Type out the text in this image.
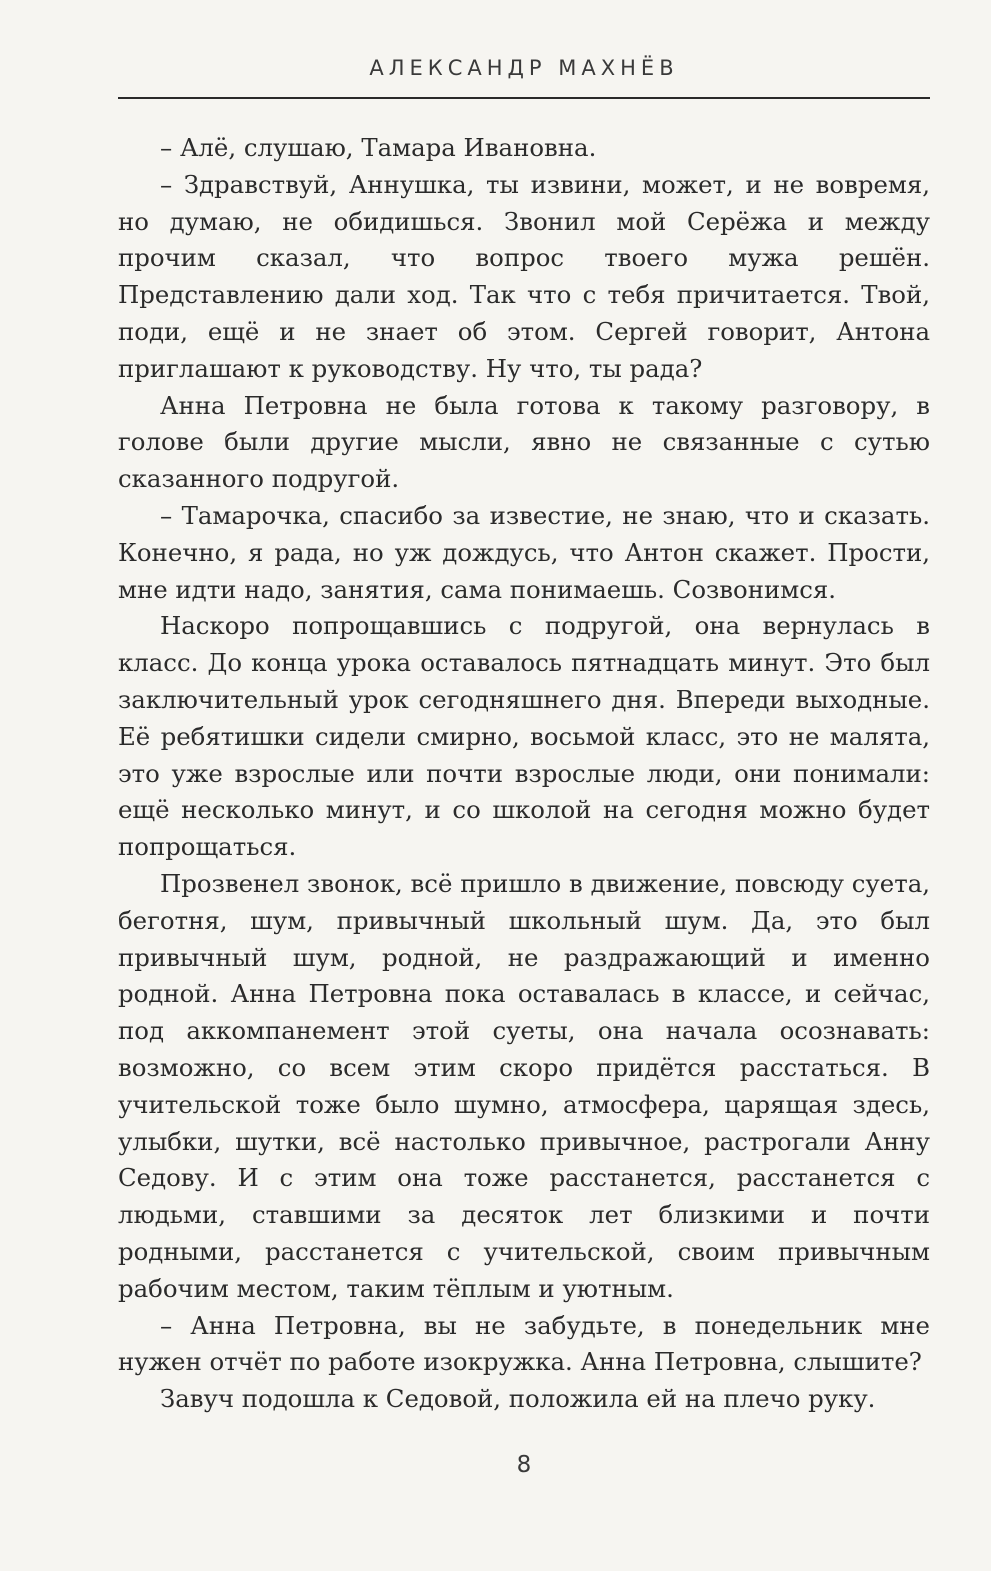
АЛЕКСАНДР МАХНЁВ

– Алё, слушаю, Тамара Ивановна.

– Здравствуй, Аннушка, ты извини, может, и не вовремя, но думаю, не обидишься. Звонил мой Серёжа и между прочим сказал, что вопрос твоего мужа решён. Представлению дали ход. Так что с тебя причитается. Твой, поди, ещё и не знает об этом. Сергей говорит, Антона приглашают к руководству. Ну что, ты рада?

Анна Петровна не была готова к такому разговору, в голове были другие мысли, явно не связанные с сутью сказанного подругой.

– Тамарочка, спасибо за известие, не знаю, что и сказать. Конечно, я рада, но уж дождусь, что Антон скажет. Прости, мне идти надо, занятия, сама понимаешь. Созвонимся.

Наскоро попрощавшись с подругой, она вернулась в класс. До конца урока оставалось пятнадцать минут. Это был заключительный урок сегодняшнего дня. Впереди выходные. Её ребятишки сидели смирно, восьмой класс, это не малята, это уже взрослые или почти взрослые люди, они понимали: ещё несколько минут, и со школой на сегодня можно будет попрощаться.

Прозвенел звонок, всё пришло в движение, повсюду суета, беготня, шум, привычный школьный шум. Да, это был привычный шум, родной, не раздражающий и именно родной. Анна Петровна пока оставалась в классе, и сейчас, под аккомпанемент этой суеты, она начала осознавать: возможно, со всем этим скоро придётся расстаться. В учительской тоже было шумно, атмосфера, царящая здесь, улыбки, шутки, всё настолько привычное, растрогали Анну Седову. И с этим она тоже расстанется, расстанется с людьми, ставшими за десяток лет близкими и почти родными, расстанется с учительской, своим привычным рабочим местом, таким тёплым и уютным.

– Анна Петровна, вы не забудьте, в понедельник мне нужен отчёт по работе изокружка. Анна Петровна, слышите?

Завуч подошла к Седовой, положила ей на плечо руку.

8
